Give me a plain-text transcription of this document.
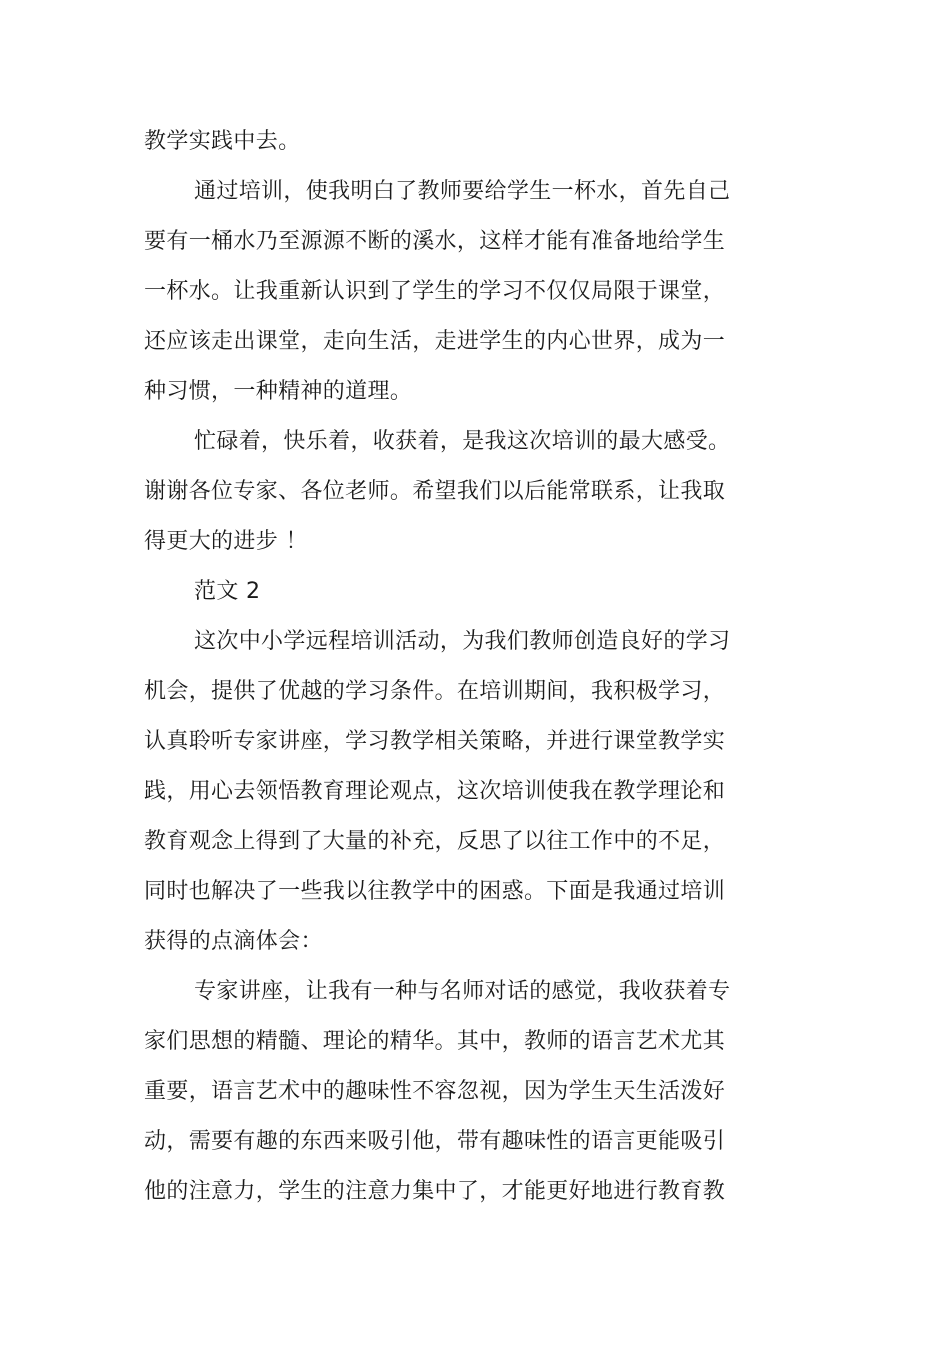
教学实践中去。
通过培训，使我明白了教师要给学生一杯水，首先自己
要有一桶水乃至源源不断的溪水，这样才能有准备地给学生
一杯水。让我重新认识到了学生的学习不仅仅局限于课堂，
还应该走出课堂，走向生活，走进学生的内心世界，成为一
种习惯，一种精神的道理。
忙碌着，快乐着，收获着，是我这次培训的最大感受。
谢谢各位专家、各位老师。希望我们以后能常联系，让我取
得更大的进步 ！
范文 2
这次中小学远程培训活动，为我们教师创造良好的学习
机会，提供了优越的学习条件。在培训期间，我积极学习，
认真聆听专家讲座，学习教学相关策略，并进行课堂教学实
践，用心去领悟教育理论观点，这次培训使我在教学理论和
教育观念上得到了大量的补充，反思了以往工作中的不足，
同时也解决了一些我以往教学中的困惑。下面是我通过培训
获得的点滴体会：
专家讲座，让我有一种与名师对话的感觉，我收获着专
家们思想的精髓、理论的精华。其中，教师的语言艺术尤其
重要，语言艺术中的趣味性不容忽视，因为学生天生活泼好
动，需要有趣的东西来吸引他，带有趣味性的语言更能吸引
他的注意力，学生的注意力集中了，才能更好地进行教育教
